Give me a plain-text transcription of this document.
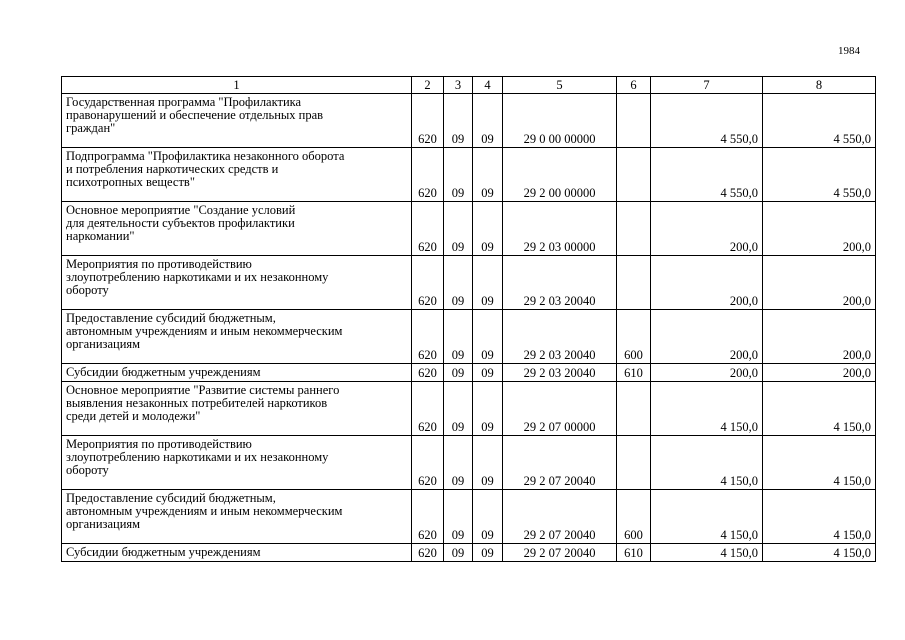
1984
1	2	3	4	5	6	7	8
Государственная программа "Профилактика
правонарушений и обеспечение отдельных прав
граждан"	620	09	09	29 0 00 00000		4 550,0	4 550,0
Подпрограмма "Профилактика незаконного оборота
и потребления наркотических средств и
психотропных веществ"	620	09	09	29 2 00 00000		4 550,0	4 550,0
Основное мероприятие "Создание условий
для деятельности субъектов профилактики
наркомании"	620	09	09	29 2 03 00000		200,0	200,0
Мероприятия по противодействию
злоупотреблению наркотиками и их незаконному
обороту	620	09	09	29 2 03 20040		200,0	200,0
Предоставление субсидий бюджетным,
автономным учреждениям и иным некоммерческим
организациям	620	09	09	29 2 03 20040	600	200,0	200,0
Субсидии бюджетным учреждениям	620	09	09	29 2 03 20040	610	200,0	200,0
Основное мероприятие "Развитие системы раннего
выявления незаконных потребителей наркотиков
среди детей и молодежи"	620	09	09	29 2 07 00000		4 150,0	4 150,0
Мероприятия по противодействию
злоупотреблению наркотиками и их незаконному
обороту	620	09	09	29 2 07 20040		4 150,0	4 150,0
Предоставление субсидий бюджетным,
автономным учреждениям и иным некоммерческим
организациям	620	09	09	29 2 07 20040	600	4 150,0	4 150,0
Субсидии бюджетным учреждениям	620	09	09	29 2 07 20040	610	4 150,0	4 150,0
